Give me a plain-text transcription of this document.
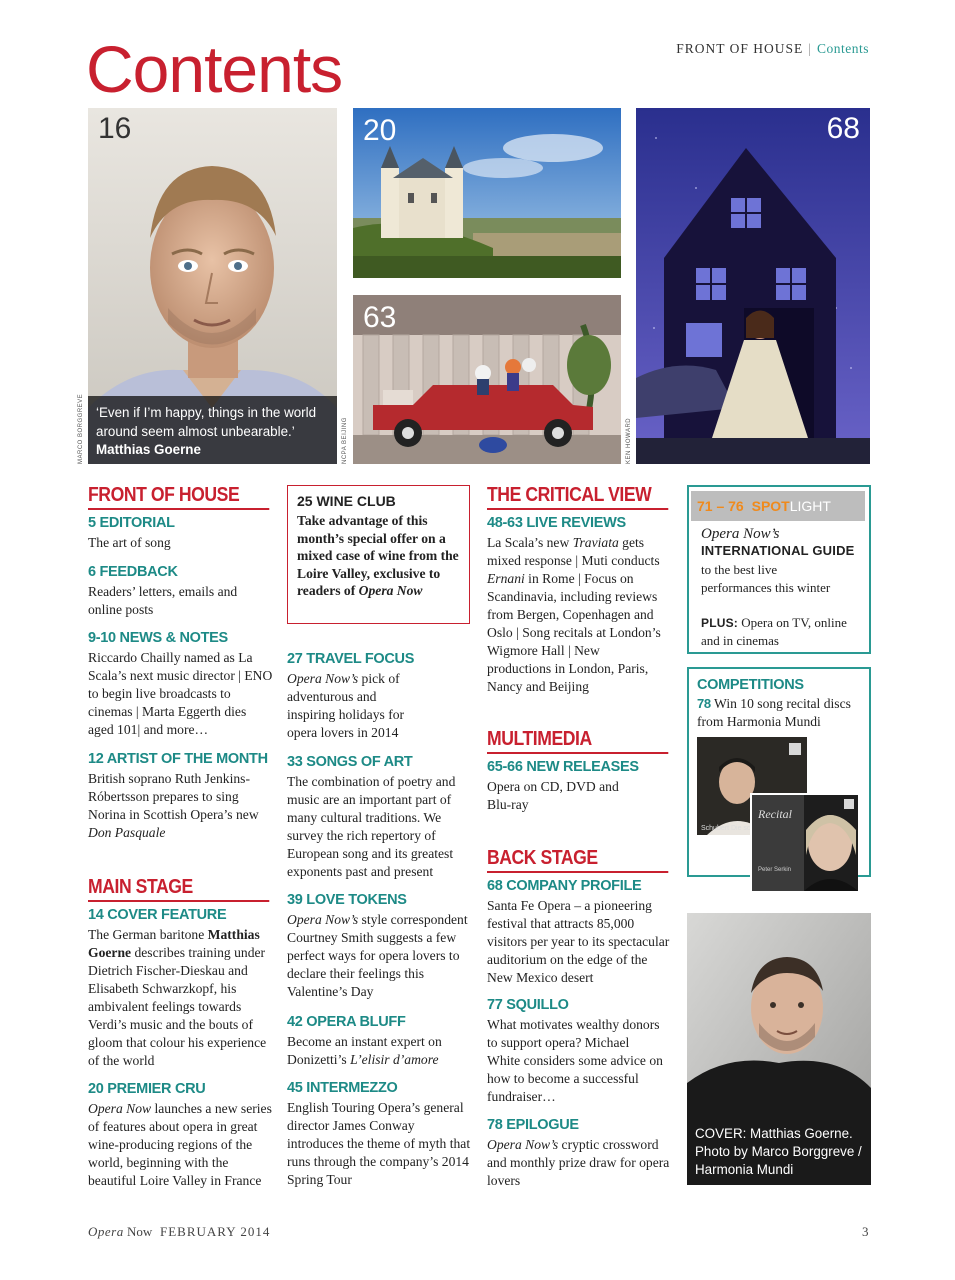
Contents	FRONT OF HOUSE | Contents
16
‘Even if I’m happy, things in the world around seem almost unbearable.’ Matthias Goerne
MARCO BORGGREVE
20
63
NCPA BEIJING
68
KEN HOWARD
FRONT OF HOUSE
5 EDITORIAL
The art of song
6 FEEDBACK
Readers’ letters, emails and online posts
9-10 NEWS & NOTES
Riccardo Chailly named as La Scala’s next music director | ENO to begin live broadcasts to cinemas | Marta Eggerth dies aged 101| and more…
12 ARTIST OF THE MONTH
British soprano Ruth Jenkins-Róbertsson prepares to sing Norina in Scottish Opera’s new Don Pasquale
MAIN STAGE
14 COVER FEATURE
The German baritone Matthias Goerne describes training under Dietrich Fischer-Dieskau and Elisabeth Schwarzkopf, his ambivalent feelings towards Verdi’s music and the bouts of gloom that colour his experience of the world
20 PREMIER CRU
Opera Now launches a new series of features about opera in great wine-producing regions of the world, beginning with the beautiful Loire Valley in France
25 WINE CLUB
Take advantage of this month’s special offer on a mixed case of wine from the Loire Valley, exclusive to readers of Opera Now
27 TRAVEL FOCUS
Opera Now’s pick of adventurous and inspiring holidays for opera lovers in 2014
33 SONGS OF ART
The combination of poetry and music are an important part of many cultural traditions. We survey the rich repertory of European song and its greatest exponents past and present
39 LOVE TOKENS
Opera Now’s style correspondent Courtney Smith suggests a few perfect ways for opera lovers to declare their feelings this Valentine’s Day
42 OPERA BLUFF
Become an instant expert on Donizetti’s L’elisir d’amore
45 INTERMEZZO
English Touring Opera’s general director James Conway introduces the theme of myth that runs through the company’s 2014 Spring Tour
THE CRITICAL VIEW
48-63 LIVE REVIEWS
La Scala’s new Traviata gets mixed response | Muti conducts Ernani in Rome | Focus on Scandinavia, including reviews from Bergen, Copenhagen and Oslo | Song recitals at London’s Wigmore Hall | New productions in London, Paris, Nancy and Beijing
MULTIMEDIA
65-66 NEW RELEASES
Opera on CD, DVD and Blu-ray
BACK STAGE
68 COMPANY PROFILE
Santa Fe Opera – a pioneering festival that attracts 85,000 visitors per year to its spectacular auditorium on the edge of the New Mexico desert
77 SQUILLO
What motivates wealthy donors to support opera? Michael White considers some advice on how to become a successful fundraiser…
78 EPILOGUE
Opera Now’s cryptic crossword and monthly prize draw for opera lovers
71 – 76 SPOTLIGHT
Opera Now’s
INTERNATIONAL GUIDE
to the best live performances this winter
PLUS: Opera on TV, online and in cinemas
COMPETITIONS
78 Win 10 song recital discs from Harmonia Mundi
Schubert Die sc
Recital
Peter Serkin
COVER: Matthias Goerne. Photo by Marco Borggreve / Harmonia Mundi
Opera Now FEBRUARY 2014	3
